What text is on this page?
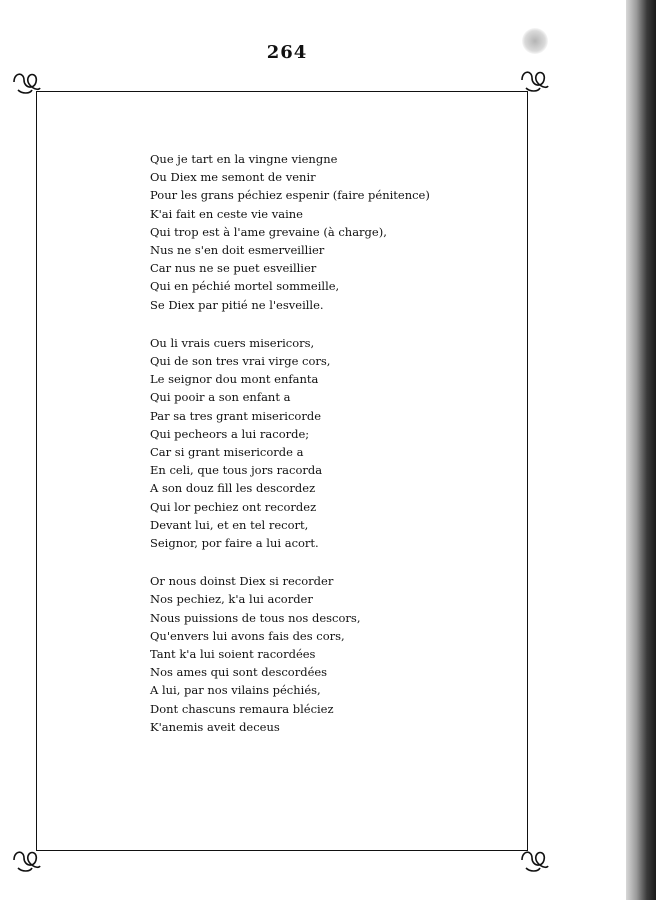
264
Que je tart en la vingne viengne
Ou Diex me semont de venir
Pour les grans péchiez espenir (faire pénitence)
K'ai fait en ceste vie vaine
Qui trop est à l'ame grevaine (à charge),
Nus ne s'en doit esmerveillier
Car nus ne se puet esveillier
Qui en péchié mortel sommeille,
Se Diex par pitié ne l'esveille.
Ou li vrais cuers misericors,
Qui de son tres vrai virge cors,
Le seignor dou mont enfanta
Qui pooir a son enfant a
Par sa tres grant misericorde
Qui pecheors a lui racorde;
Car si grant misericorde a
En celi, que tous jors racorda
A son douz fill les descordez
Qui lor pechiez ont recordez
Devant lui, et en tel recort,
Seignor, por faire a lui acort.
Or nous doinst Diex si recorder
Nos pechiez, k'a lui acorder
Nous puissions de tous nos descors,
Qu'envers lui avons fais des cors,
Tant k'a lui soient racordées
Nos ames qui sont descordées
A lui, par nos vilains péchiés,
Dont chascuns remaura bléciez
K'anemis aveit deceus
